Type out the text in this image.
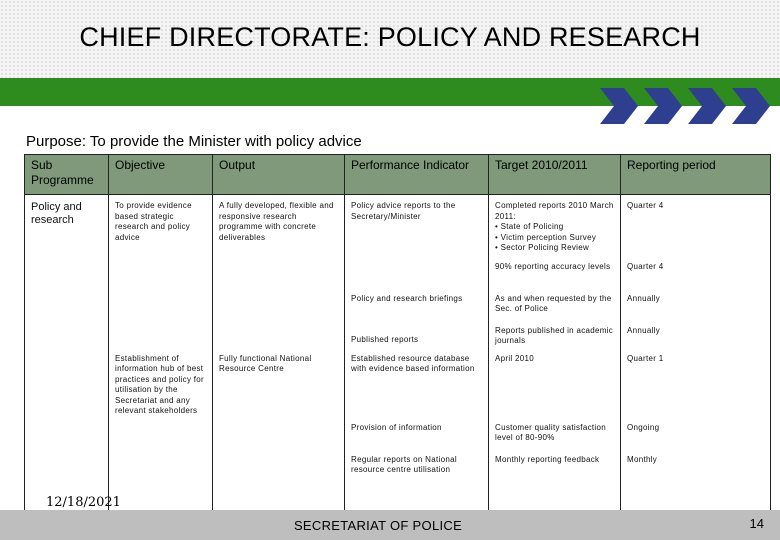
CHIEF DIRECTORATE: POLICY AND RESEARCH
Purpose: To provide the Minister with policy advice
Sub Programme	Objective	Output	Performance Indicator	Target 2010/2011	Reporting period
Policy and research	To provide evidence based strategic research and policy advice	A fully developed, flexible and responsive research programme with concrete deliverables	Policy advice reports to the Secretary/Minister	Completed reports 2010 March 2011:
• State of Policing
• Victim perception Survey
• Sector Policing Review	Quarter 4
				90% reporting accuracy levels	Quarter 4
			Policy and research briefings	As and when requested by the Sec. of Police	Annually
			Published reports	Reports published in academic journals	Annually
	Establishment of information hub of best practices and policy for utilisation by the Secretariat and any relevant stakeholders	Fully functional National Resource Centre	Established resource database with evidence based information	April 2010	Quarter 1
			Provision of information	Customer quality satisfaction level of 80-90%	Ongoing
			Regular reports on National resource centre utilisation	Monthly reporting feedback	Monthly
12/18/2021
SECRETARIAT OF POLICE	14
